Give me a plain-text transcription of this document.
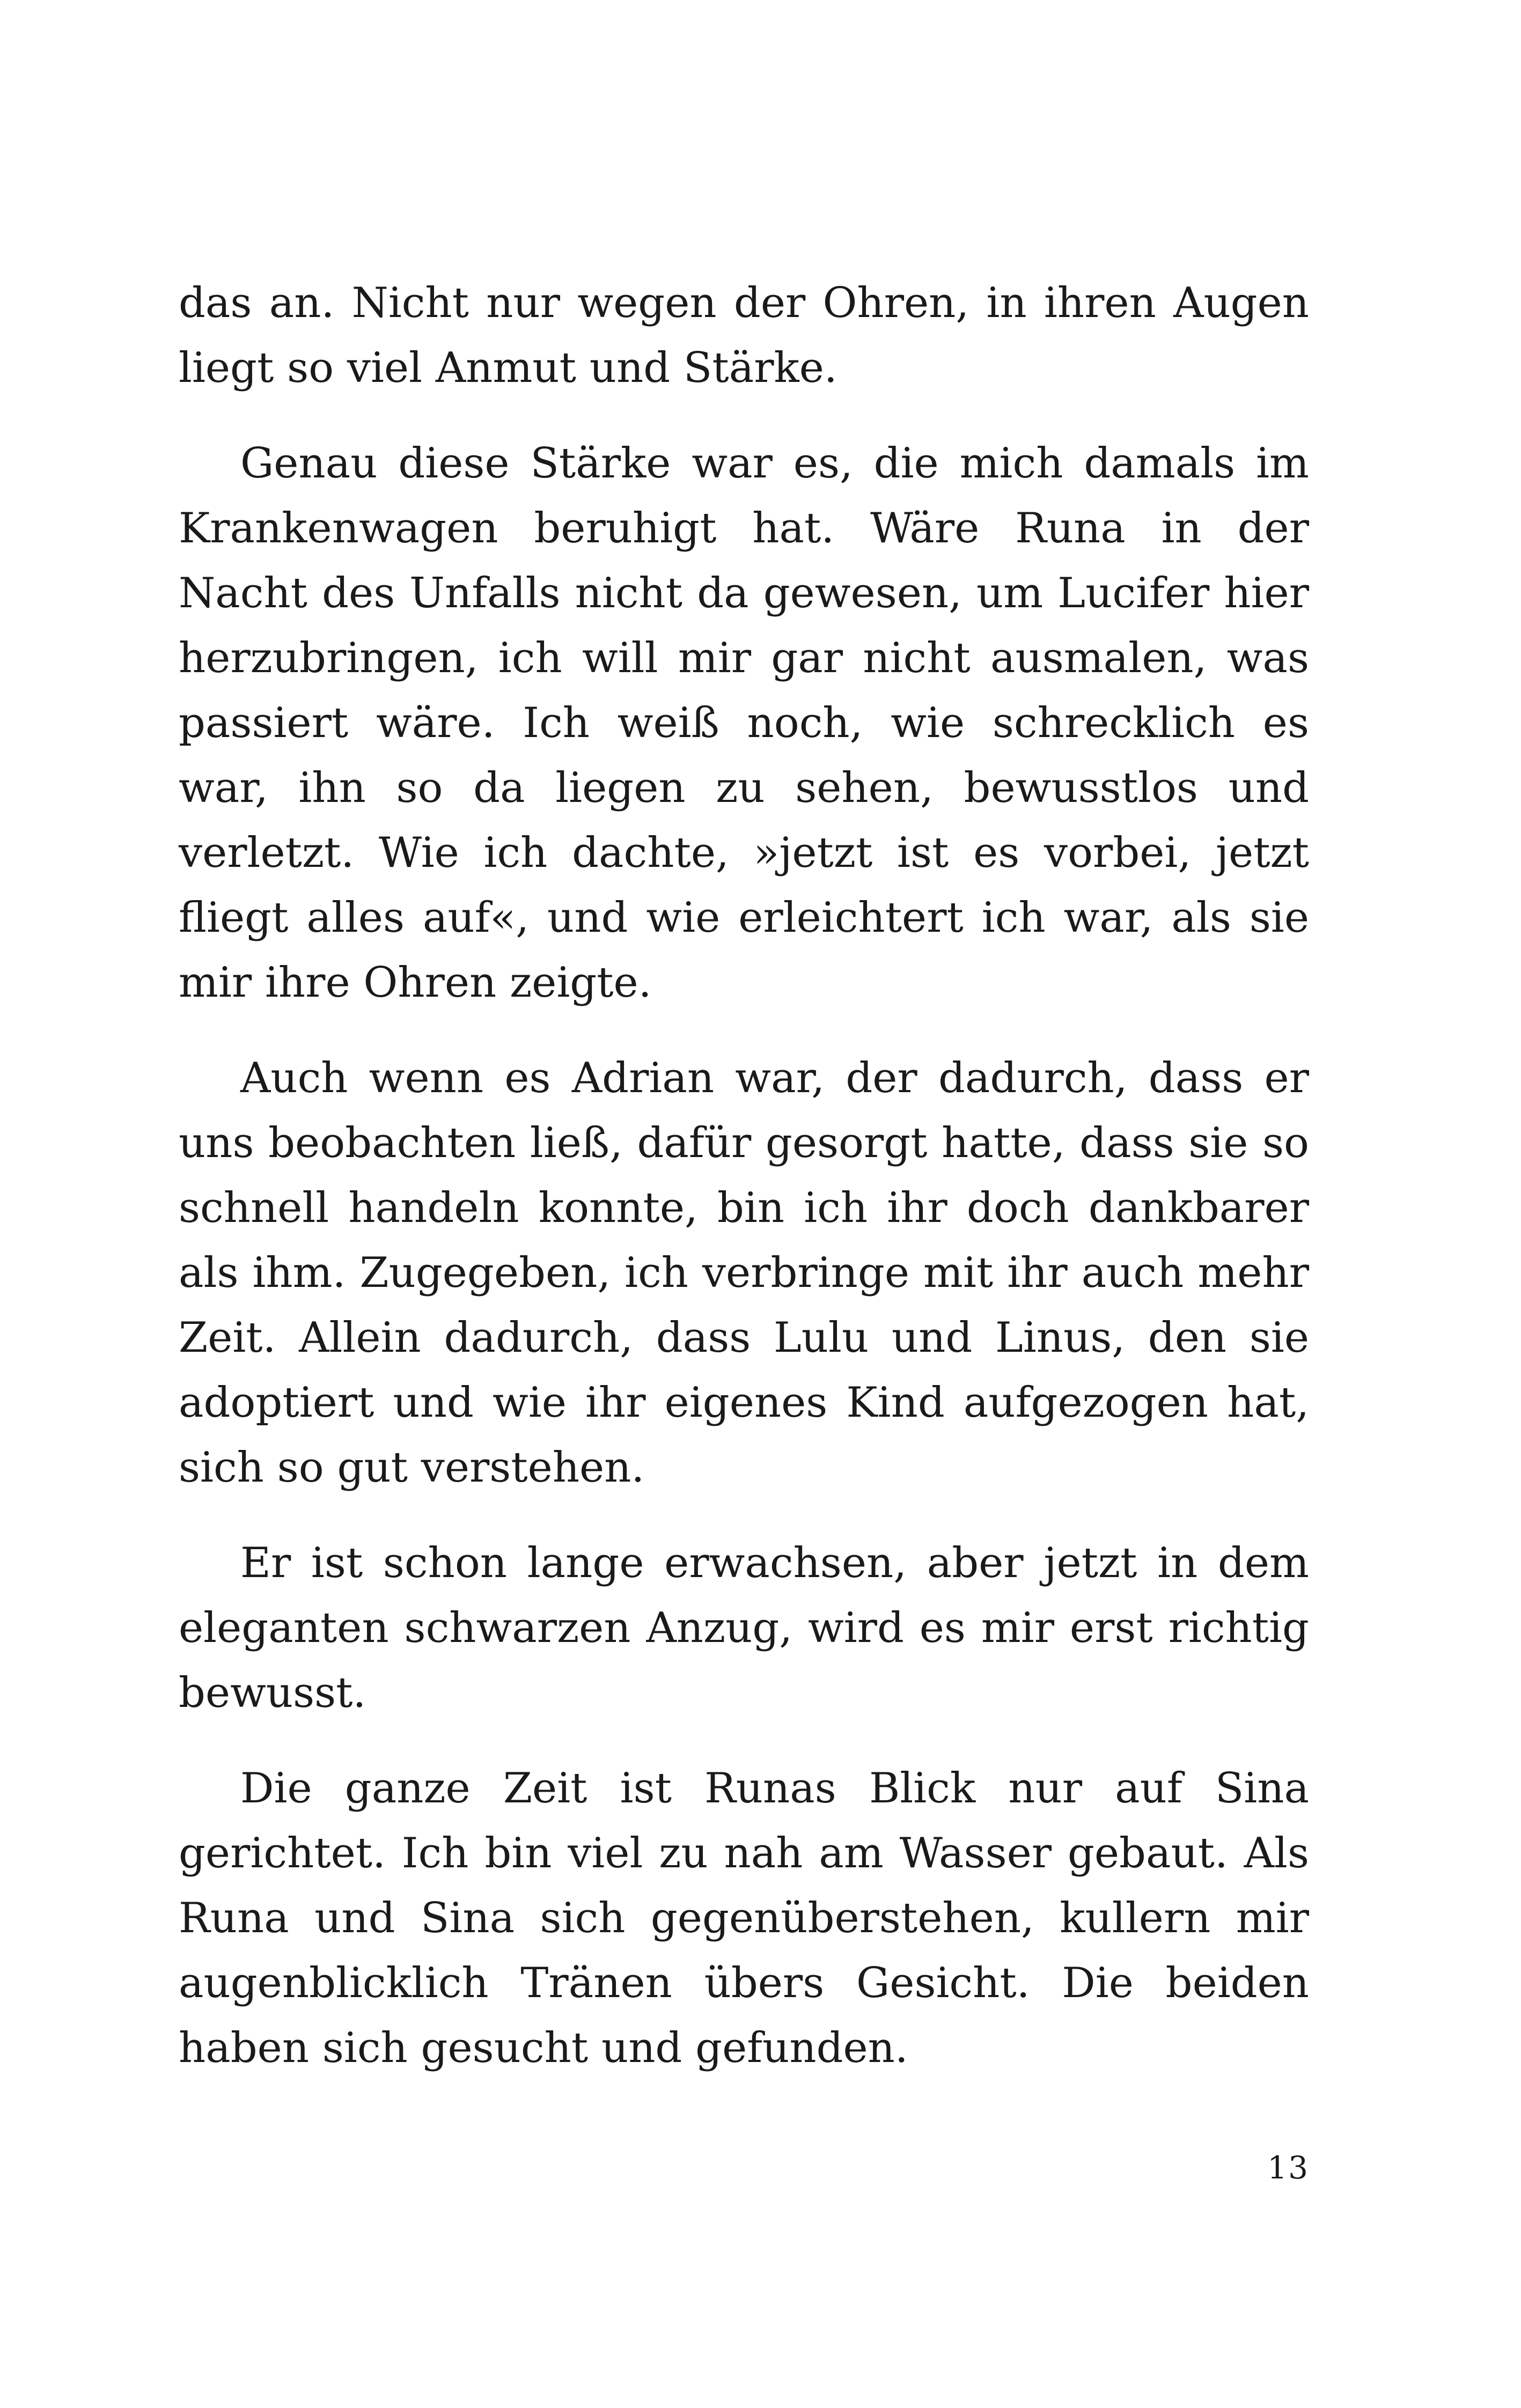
das an. Nicht nur wegen der Ohren, in ihren Augen liegt so viel Anmut und Stärke.

Genau diese Stärke war es, die mich damals im Krankenwagen beruhigt hat. Wäre Runa in der Nacht des Unfalls nicht da gewesen, um Lucifer hier herzubringen, ich will mir gar nicht ausmalen, was passiert wäre. Ich weiß noch, wie schrecklich es war, ihn so da liegen zu sehen, bewusstlos und verletzt. Wie ich dachte, »jetzt ist es vorbei, jetzt fliegt alles auf«, und wie erleichtert ich war, als sie mir ihre Ohren zeigte.

Auch wenn es Adrian war, der dadurch, dass er uns beobachten ließ, dafür gesorgt hatte, dass sie so schnell handeln konnte, bin ich ihr doch dankbarer als ihm. Zugegeben, ich verbringe mit ihr auch mehr Zeit. Allein dadurch, dass Lulu und Linus, den sie adoptiert und wie ihr eigenes Kind aufgezogen hat, sich so gut verstehen.

Er ist schon lange erwachsen, aber jetzt in dem eleganten schwarzen Anzug, wird es mir erst richtig bewusst.

Die ganze Zeit ist Runas Blick nur auf Sina gerichtet. Ich bin viel zu nah am Wasser gebaut. Als Runa und Sina sich gegenüberstehen, kullern mir augenblicklich Tränen übers Gesicht. Die beiden haben sich gesucht und gefunden.

13
